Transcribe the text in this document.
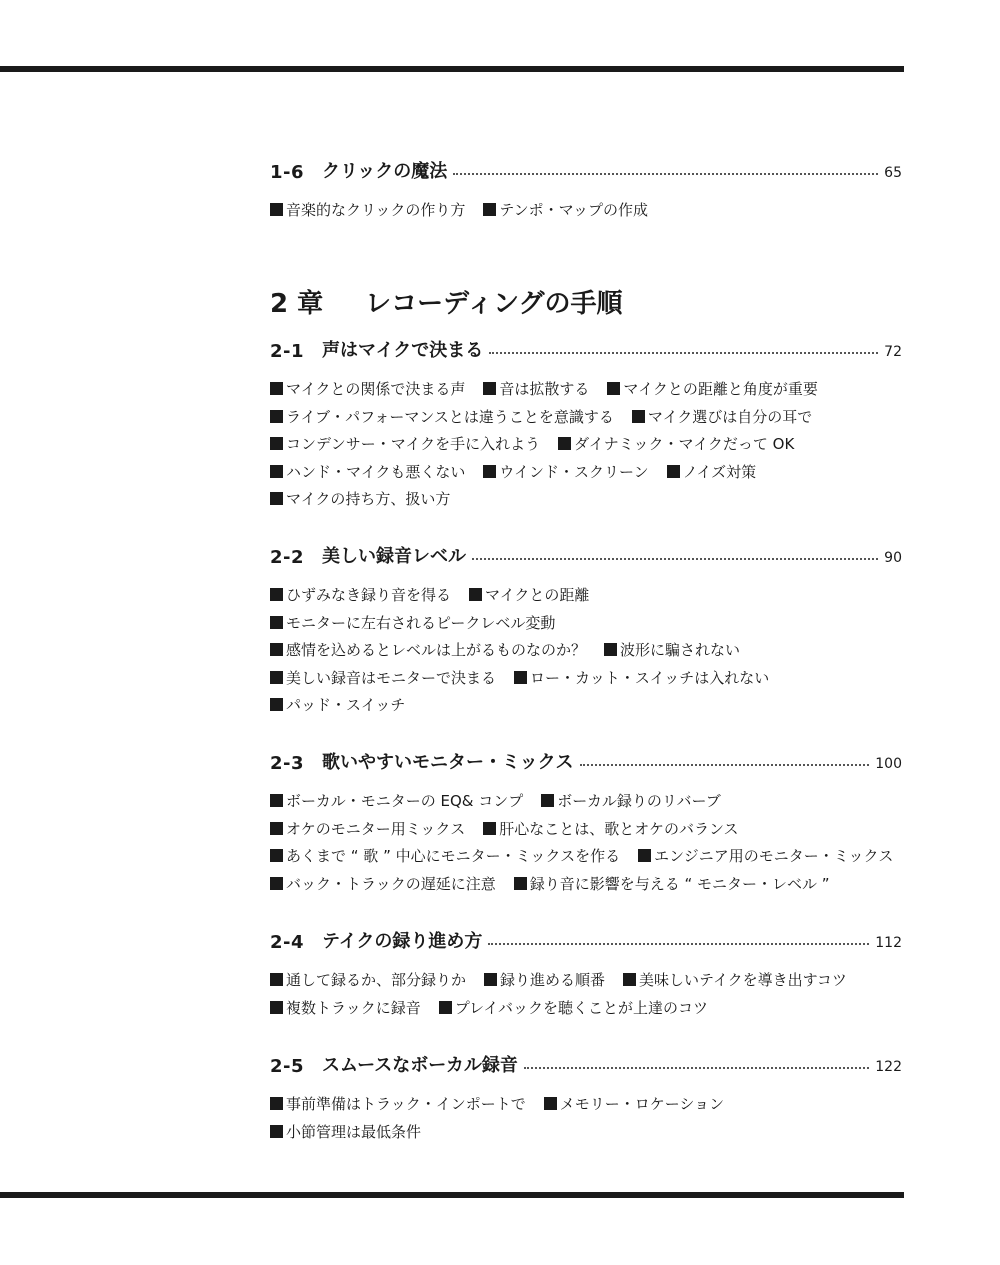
1-6 クリックの魔法	65
音楽的なクリックの作り方 テンポ・マップの作成
2 章 レコーディングの手順
2-1 声はマイクで決まる	72
マイクとの関係で決まる声 音は拡散する マイクとの距離と角度が重要
ライブ・パフォーマンスとは違うことを意識する マイク選びは自分の耳で
コンデンサー・マイクを手に入れよう ダイナミック・マイクだって OK
ハンド・マイクも悪くない ウインド・スクリーン ノイズ対策
マイクの持ち方、扱い方
2-2 美しい録音レベル	90
ひずみなき録り音を得る マイクとの距離
モニターに左右されるピークレベル変動
感情を込めるとレベルは上がるものなのか？ 波形に騙されない
美しい録音はモニターで決まる ロー・カット・スイッチは入れない
パッド・スイッチ
2-3 歌いやすいモニター・ミックス	100
ボーカル・モニターの EQ& コンプ ボーカル録りのリバーブ
オケのモニター用ミックス 肝心なことは、歌とオケのバランス
あくまで “ 歌 ” 中心にモニター・ミックスを作る エンジニア用のモニター・ミックス
バック・トラックの遅延に注意 録り音に影響を与える “ モニター・レベル ”
2-4 テイクの録り進め方	112
通して録るか、部分録りか 録り進める順番 美味しいテイクを導き出すコツ
複数トラックに録音 プレイバックを聴くことが上達のコツ
2-5 スムースなボーカル録音	122
事前準備はトラック・インポートで メモリー・ロケーション
小節管理は最低条件
